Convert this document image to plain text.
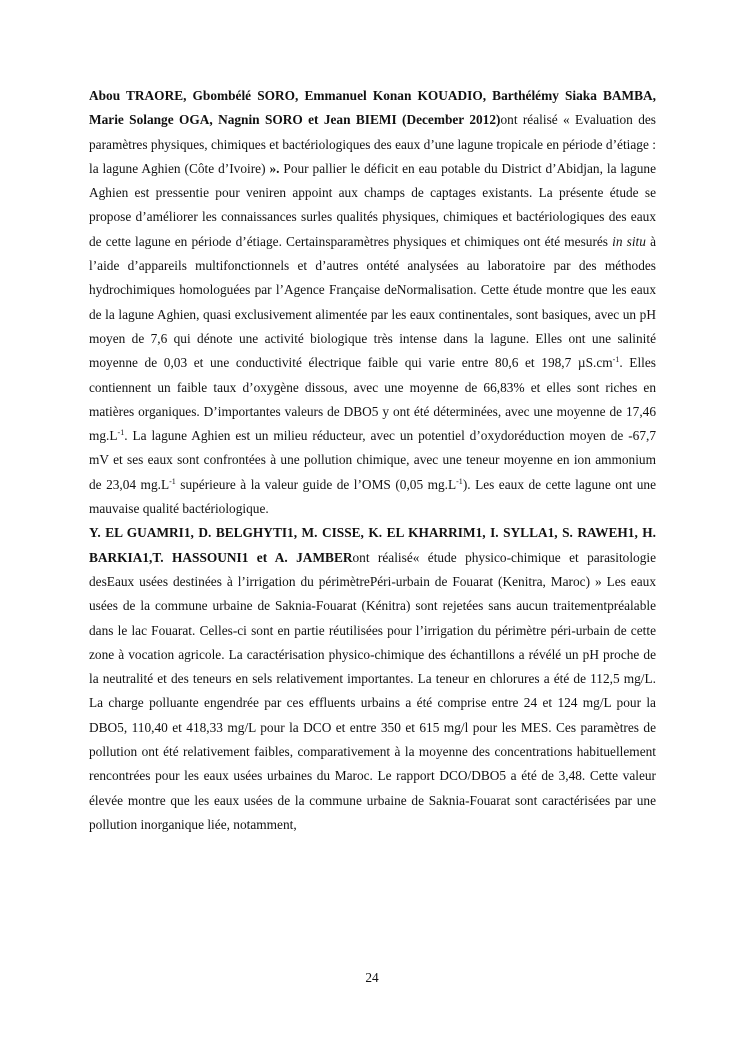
Abou TRAORE, Gbombélé SORO, Emmanuel Konan KOUADIO, Barthélémy Siaka BAMBA, Marie Solange OGA, Nagnin SORO et Jean BIEMI (December 2012)ont réalisé « Evaluation des paramètres physiques, chimiques et bactériologiques des eaux d’une lagune tropicale en période d’étiage : la lagune Aghien (Côte d’Ivoire) ». Pour pallier le déficit en eau potable du District d’Abidjan, la lagune Aghien est pressentie pour veniren appoint aux champs de captages existants. La présente étude se propose d’améliorer les connaissances surles qualités physiques, chimiques et bactériologiques des eaux de cette lagune en période d’étiage. Certainsparamètres physiques et chimiques ont été mesurés in situ à l’aide d’appareils multifonctionnels et d’autres ontété analysées au laboratoire par des méthodes hydrochimiques homologuées par l’Agence Française deNormalisation. Cette étude montre que les eaux de la lagune Aghien, quasi exclusivement alimentée par les eaux continentales, sont basiques, avec un pH moyen de 7,6 qui dénote une activité biologique très intense dans la lagune. Elles ont une salinité moyenne de 0,03 et une conductivité électrique faible qui varie entre 80,6 et 198,7 $\mu S.cm^{-1}$. Elles contiennent un faible taux d’oxygène dissous, avec une moyenne de 66,83% et elles sont riches en matières organiques. D’importantes valeurs de DBO5 y ont été déterminées, avec une moyenne de 17,46 $mg.L^{-1}$. La lagune Aghien est un milieu réducteur, avec un potentiel d’oxydoréduction moyen de -67,7 mV et ses eaux sont confrontées à une pollution chimique, avec une teneur moyenne en ion ammonium de 23,04 $mg.L^{-1}$ supérieure à la valeur guide de l’OMS (0,05 $mg.L^{-1}$). Les eaux de cette lagune ont une mauvaise qualité bactériologique.

Y. EL GUAMRI1, D. BELGHYTI1, M. CISSE, K. EL KHARRIM1, I. SYLLA1, S. RAWEH1, H. BARKIA1,T. HASSOUNI1 et A. JAMBERont réalisé« étude physico-chimique et parasitologie desEaux usées destinées à l’irrigation du périmètrePéri-urbain de Fouarat (Kenitra, Maroc) » Les eaux usées de la commune urbaine de Saknia-Fouarat (Kénitra) sont rejetées sans aucun traitementpréalable dans le lac Fouarat. Celles-ci sont en partie réutilisées pour l’irrigation du périmètre péri-urbain de cette zone à vocation agricole. La caractérisation physico-chimique des échantillons a révélé un pH proche de la neutralité et des teneurs en sels relativement importantes. La teneur en chlorures a été de 112,5 mg/L. La charge polluante engendrée par ces effluents urbains a été comprise entre 24 et 124 mg/L pour la DBO5, 110,40 et 418,33 mg/L pour la DCO et entre 350 et 615 mg/l pour les MES. Ces paramètres de pollution ont été relativement faibles, comparativement à la moyenne des concentrations habituellement rencontrées pour les eaux usées urbaines du Maroc. Le rapport DCO/DBO5 a été de 3,48. Cette valeur élevée montre que les eaux usées de la commune urbaine de Saknia-Fouarat sont caractérisées par une pollution inorganique liée, notamment,

24
